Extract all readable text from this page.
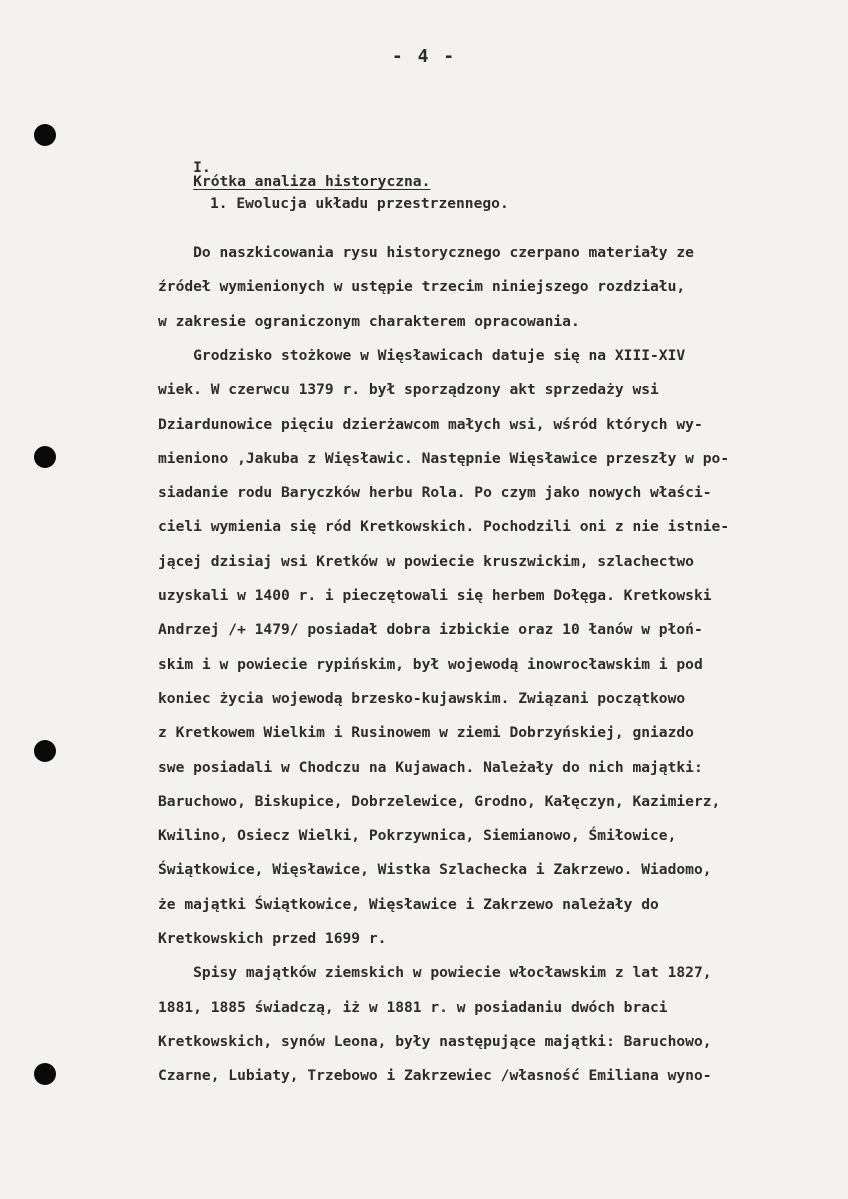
- 4 -

I.
Krótka analiza historyczna.

1. Ewolucja układu przestrzennego.
Do naszkicowania rysu historycznego czerpano materiały ze
źródeł wymienionych w ustępie trzecim niniejszego rozdziału,
w zakresie ograniczonym charakterem opracowania.
Grodzisko stożkowe w Więsławicach datuje się na XIII-XIV
wiek. W czerwcu 1379 r. był sporządzony akt sprzedaży wsi
Dziardunowice pięciu dzierżawcom małych wsi, wśród których wy-
mieniono ,Jakuba z Więsławic. Następnie Więsławice przeszły w po-
siadanie rodu Baryczków herbu Rola. Po czym jako nowych właści-
cieli wymienia się ród Kretkowskich. Pochodzili oni z nie istnie-
jącej dzisiaj wsi Kretków w powiecie kruszwickim, szlachectwo
uzyskali w 1400 r. i pieczętowali się herbem Dołęga. Kretkowski
Andrzej /+ 1479/ posiadał dobra izbickie oraz 10 łanów w płoń-
skim i w powiecie rypińskim, był wojewodą inowrocławskim i pod
koniec życia wojewodą brzesko-kujawskim. Związani początkowo
z Kretkowem Wielkim i Rusinowem w ziemi Dobrzyńskiej, gniazdo
swe posiadali w Chodczu na Kujawach. Należały do nich majątki:
Baruchowo, Biskupice, Dobrzelewice, Grodno, Kałęczyn, Kazimierz,
Kwilino, Osiecz Wielki, Pokrzywnica, Siemianowo, Śmiłowice,
Świątkowice, Więsławice, Wistka Szlachecka i Zakrzewo. Wiadomo,
że majątki Świątkowice, Więsławice i Zakrzewo należały do
Kretkowskich przed 1699 r.
Spisy majątków ziemskich w powiecie włocławskim z lat 1827,
1881, 1885 świadczą, iż w 1881 r. w posiadaniu dwóch braci
Kretkowskich, synów Leona, były następujące majątki: Baruchowo,
Czarne, Lubiaty, Trzebowo i Zakrzewiec /własność Emiliana wyno-
